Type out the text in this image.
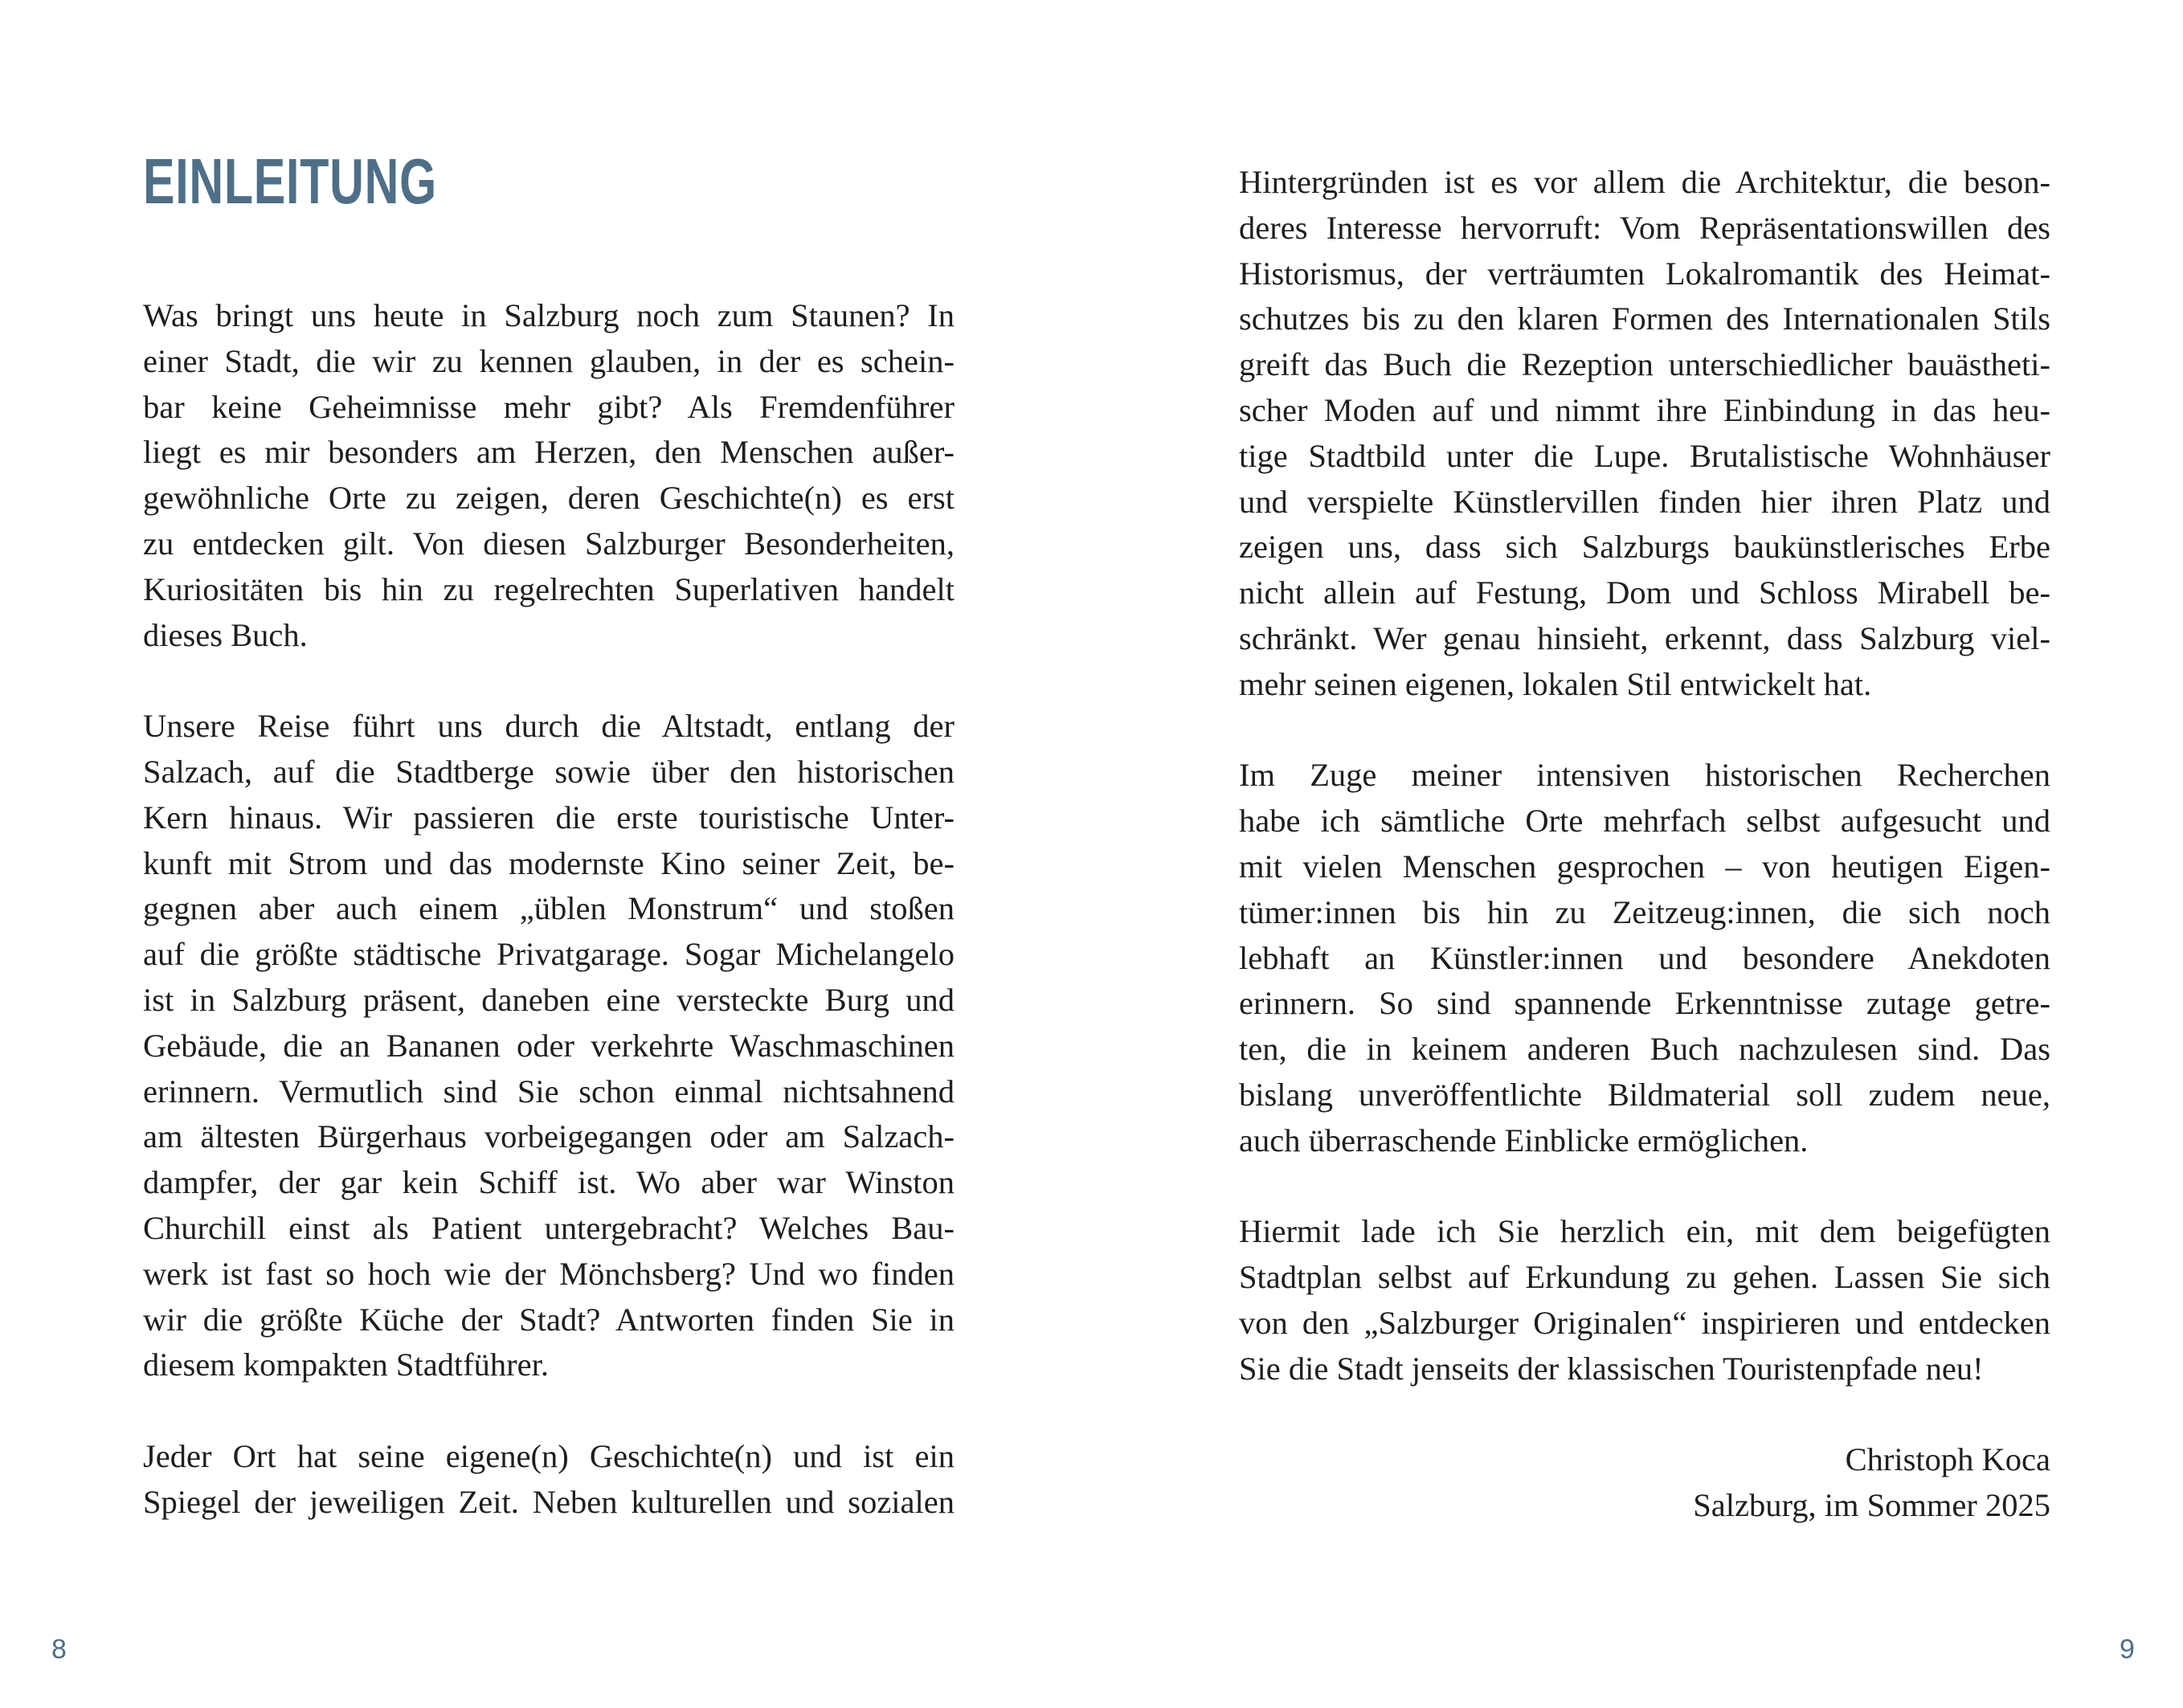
EINLEITUNG
Was bringt uns heute in Salzburg noch zum Staunen? In
einer Stadt, die wir zu kennen glauben, in der es schein-
bar keine Geheimnisse mehr gibt? Als Fremdenführer
liegt es mir besonders am Herzen, den Menschen außer-
gewöhnliche Orte zu zeigen, deren Geschichte(n) es erst
zu entdecken gilt. Von diesen Salzburger Besonderheiten,
Kuriositäten bis hin zu regelrechten Superlativen handelt
dieses Buch.
Unsere Reise führt uns durch die Altstadt, entlang der
Salzach, auf die Stadtberge sowie über den historischen
Kern hinaus. Wir passieren die erste touristische Unter-
kunft mit Strom und das modernste Kino seiner Zeit, be-
gegnen aber auch einem „üblen Monstrum“ und stoßen
auf die größte städtische Privatgarage. Sogar Michelangelo
ist in Salzburg präsent, daneben eine versteckte Burg und
Gebäude, die an Bananen oder verkehrte Waschmaschinen
erinnern. Vermutlich sind Sie schon einmal nichtsahnend
am ältesten Bürgerhaus vorbeigegangen oder am Salzach-
dampfer, der gar kein Schiff ist. Wo aber war Winston
Churchill einst als Patient untergebracht? Welches Bau-
werk ist fast so hoch wie der Mönchsberg? Und wo finden
wir die größte Küche der Stadt? Antworten finden Sie in
diesem kompakten Stadtführer.
Jeder Ort hat seine eigene(n) Geschichte(n) und ist ein
Spiegel der jeweiligen Zeit. Neben kulturellen und sozialen
Hintergründen ist es vor allem die Architektur, die beson-
deres Interesse hervorruft: Vom Repräsentationswillen des
Historismus, der verträumten Lokalromantik des Heimat-
schutzes bis zu den klaren Formen des Internationalen Stils
greift das Buch die Rezeption unterschiedlicher bauästheti-
scher Moden auf und nimmt ihre Einbindung in das heu-
tige Stadtbild unter die Lupe. Brutalistische Wohnhäuser
und verspielte Künstlervillen finden hier ihren Platz und
zeigen uns, dass sich Salzburgs baukünstlerisches Erbe
nicht allein auf Festung, Dom und Schloss Mirabell be-
schränkt. Wer genau hinsieht, erkennt, dass Salzburg viel-
mehr seinen eigenen, lokalen Stil entwickelt hat.
Im Zuge meiner intensiven historischen Recherchen
habe ich sämtliche Orte mehrfach selbst aufgesucht und
mit vielen Menschen gesprochen – von heutigen Eigen-
tümer:innen bis hin zu Zeitzeug:innen, die sich noch
lebhaft an Künstler:innen und besondere Anekdoten
erinnern. So sind spannende Erkenntnisse zutage getre-
ten, die in keinem anderen Buch nachzulesen sind. Das
bislang unveröffentlichte Bildmaterial soll zudem neue,
auch überraschende Einblicke ermöglichen.
Hiermit lade ich Sie herzlich ein, mit dem beigefügten
Stadtplan selbst auf Erkundung zu gehen. Lassen Sie sich
von den „Salzburger Originalen“ inspirieren und entdecken
Sie die Stadt jenseits der klassischen Touristenpfade neu!
Christoph Koca
Salzburg, im Sommer 2025
8	9
